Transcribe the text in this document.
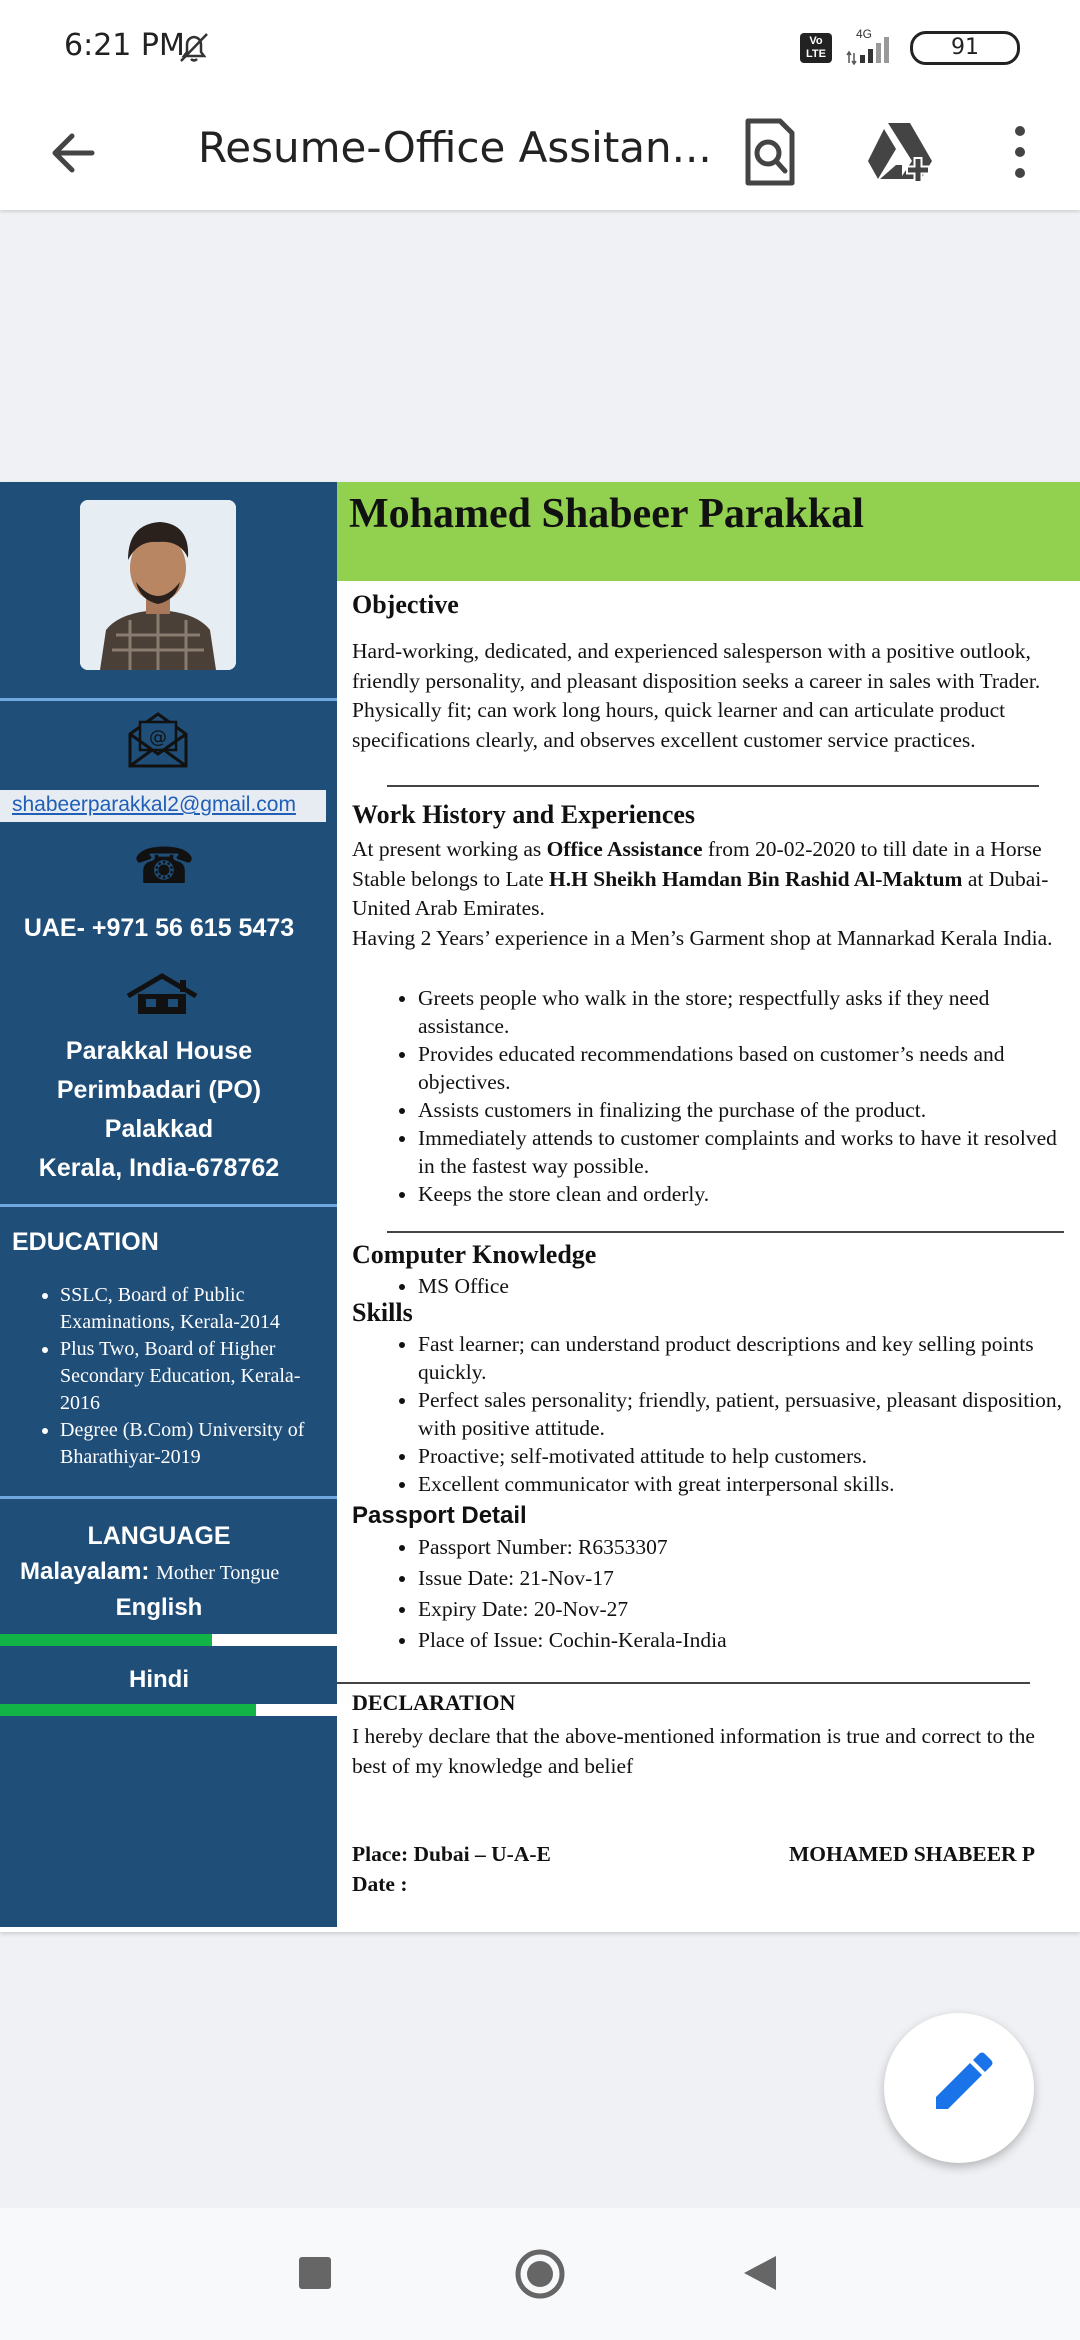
6:21 PM	Vo LTE
4G
91
Resume-Office Assitan...
@
shabeerparakkal2@gmail.com
☎
UAE- +971 56 615 5473
Parakkal House
Perimbadari (PO)
Palakkad
Kerala, India-678762
EDUCATION
• SSLC, Board of Public Examinations, Kerala-2014
• Plus Two, Board of Higher Secondary Education, Kerala-2016
• Degree (B.Com) University of Bharathiyar-2019
LANGUAGE
Malayalam: Mother Tongue
English
Hindi
Mohamed Shabeer Parakkal
Objective
Hard-working, dedicated, and experienced salesperson with a positive outlook, friendly personality, and pleasant disposition seeks a career in sales with Trader. Physically fit; can work long hours, quick learner and can articulate product specifications clearly, and observes excellent customer service practices.
Work History and Experiences
At present working as Office Assistance from 20-02-2020 to till date in a Horse Stable belongs to Late H.H Sheikh Hamdan Bin Rashid Al-Maktum at Dubai-United Arab Emirates.
Having 2 Years’ experience in a Men’s Garment shop at Mannarkad Kerala India.
• Greets people who walk in the store; respectfully asks if they need assistance.
• Provides educated recommendations based on customer’s needs and objectives.
• Assists customers in finalizing the purchase of the product.
• Immediately attends to customer complaints and works to have it resolved in the fastest way possible.
• Keeps the store clean and orderly.
Computer Knowledge
• MS Office
Skills
• Fast learner; can understand product descriptions and key selling points quickly.
• Perfect sales personality; friendly, patient, persuasive, pleasant disposition, with positive attitude.
• Proactive; self-motivated attitude to help customers.
• Excellent communicator with great interpersonal skills.
Passport Detail
• Passport Number: R6353307
• Issue Date: 21-Nov-17
• Expiry Date: 20-Nov-27
• Place of Issue: Cochin-Kerala-India
DECLARATION
I hereby declare that the above-mentioned information is true and correct to the best of my knowledge and belief
Place: Dubai – U-A-E
Date :
MOHAMED SHABEER P
